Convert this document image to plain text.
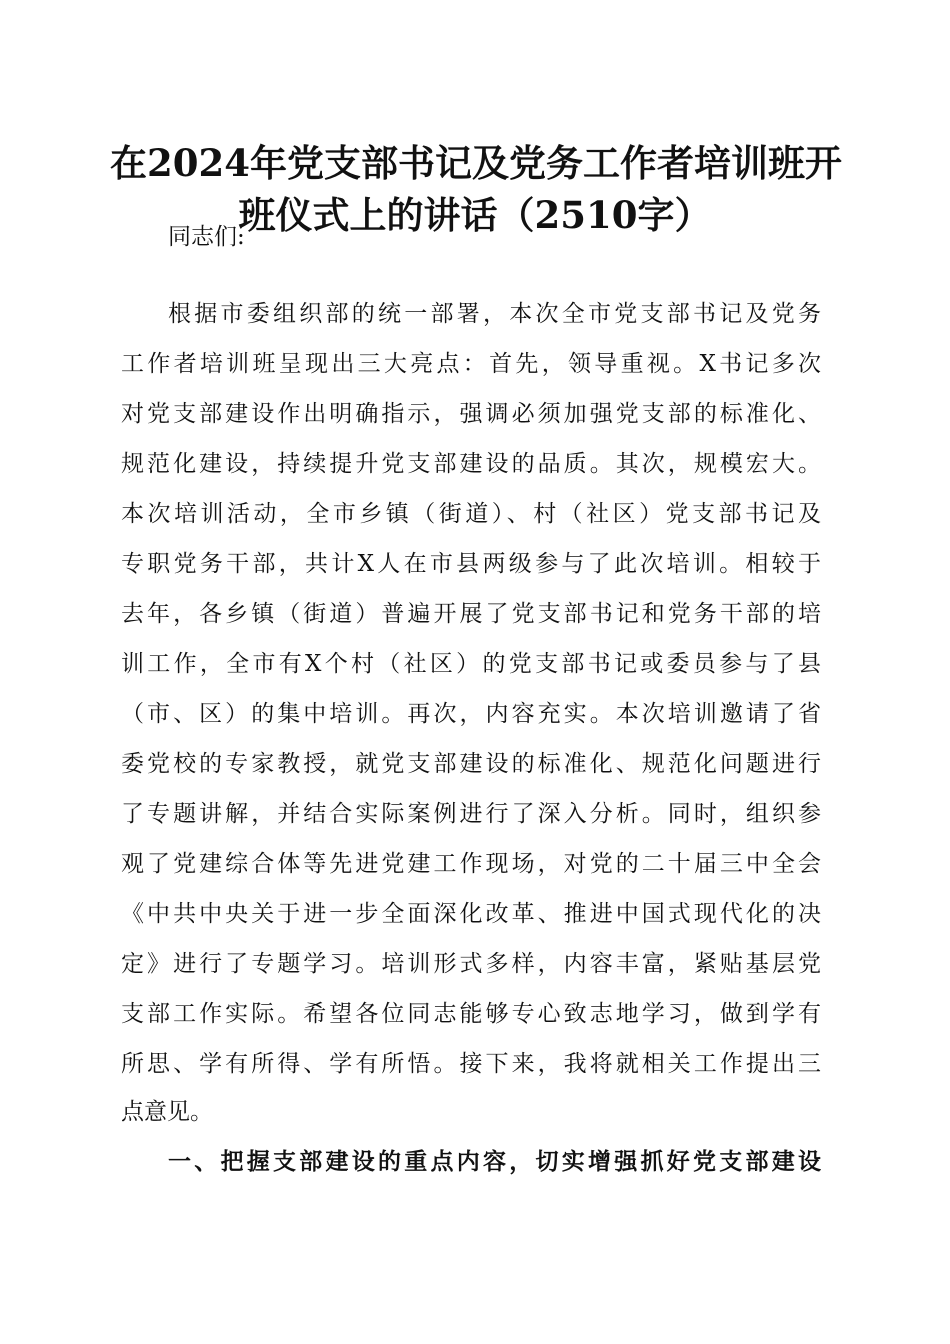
在2024年党支部书记及党务工作者培训班开
班仪式上的讲话（2510字）
同志们:
根据市委组织部的统一部署，本次全市党支部书记及党务
工作者培训班呈现出三大亮点：首先，领导重视。X书记多次
对党支部建设作出明确指示，强调必须加强党支部的标准化、
规范化建设，持续提升党支部建设的品质。其次，规模宏大。
本次培训活动，全市乡镇（街道）、村（社区）党支部书记及
专职党务干部，共计X人在市县两级参与了此次培训。相较于
去年，各乡镇（街道）普遍开展了党支部书记和党务干部的培
训工作，全市有X个村（社区）的党支部书记或委员参与了县
（市、区）的集中培训。再次，内容充实。本次培训邀请了省
委党校的专家教授，就党支部建设的标准化、规范化问题进行
了专题讲解，并结合实际案例进行了深入分析。同时，组织参
观了党建综合体等先进党建工作现场，对党的二十届三中全会
《中共中央关于进一步全面深化改革、推进中国式现代化的决
定》进行了专题学习。培训形式多样，内容丰富，紧贴基层党
支部工作实际。希望各位同志能够专心致志地学习，做到学有
所思、学有所得、学有所悟。接下来，我将就相关工作提出三
点意见。
一、把握支部建设的重点内容，切实增强抓好党支部建设
